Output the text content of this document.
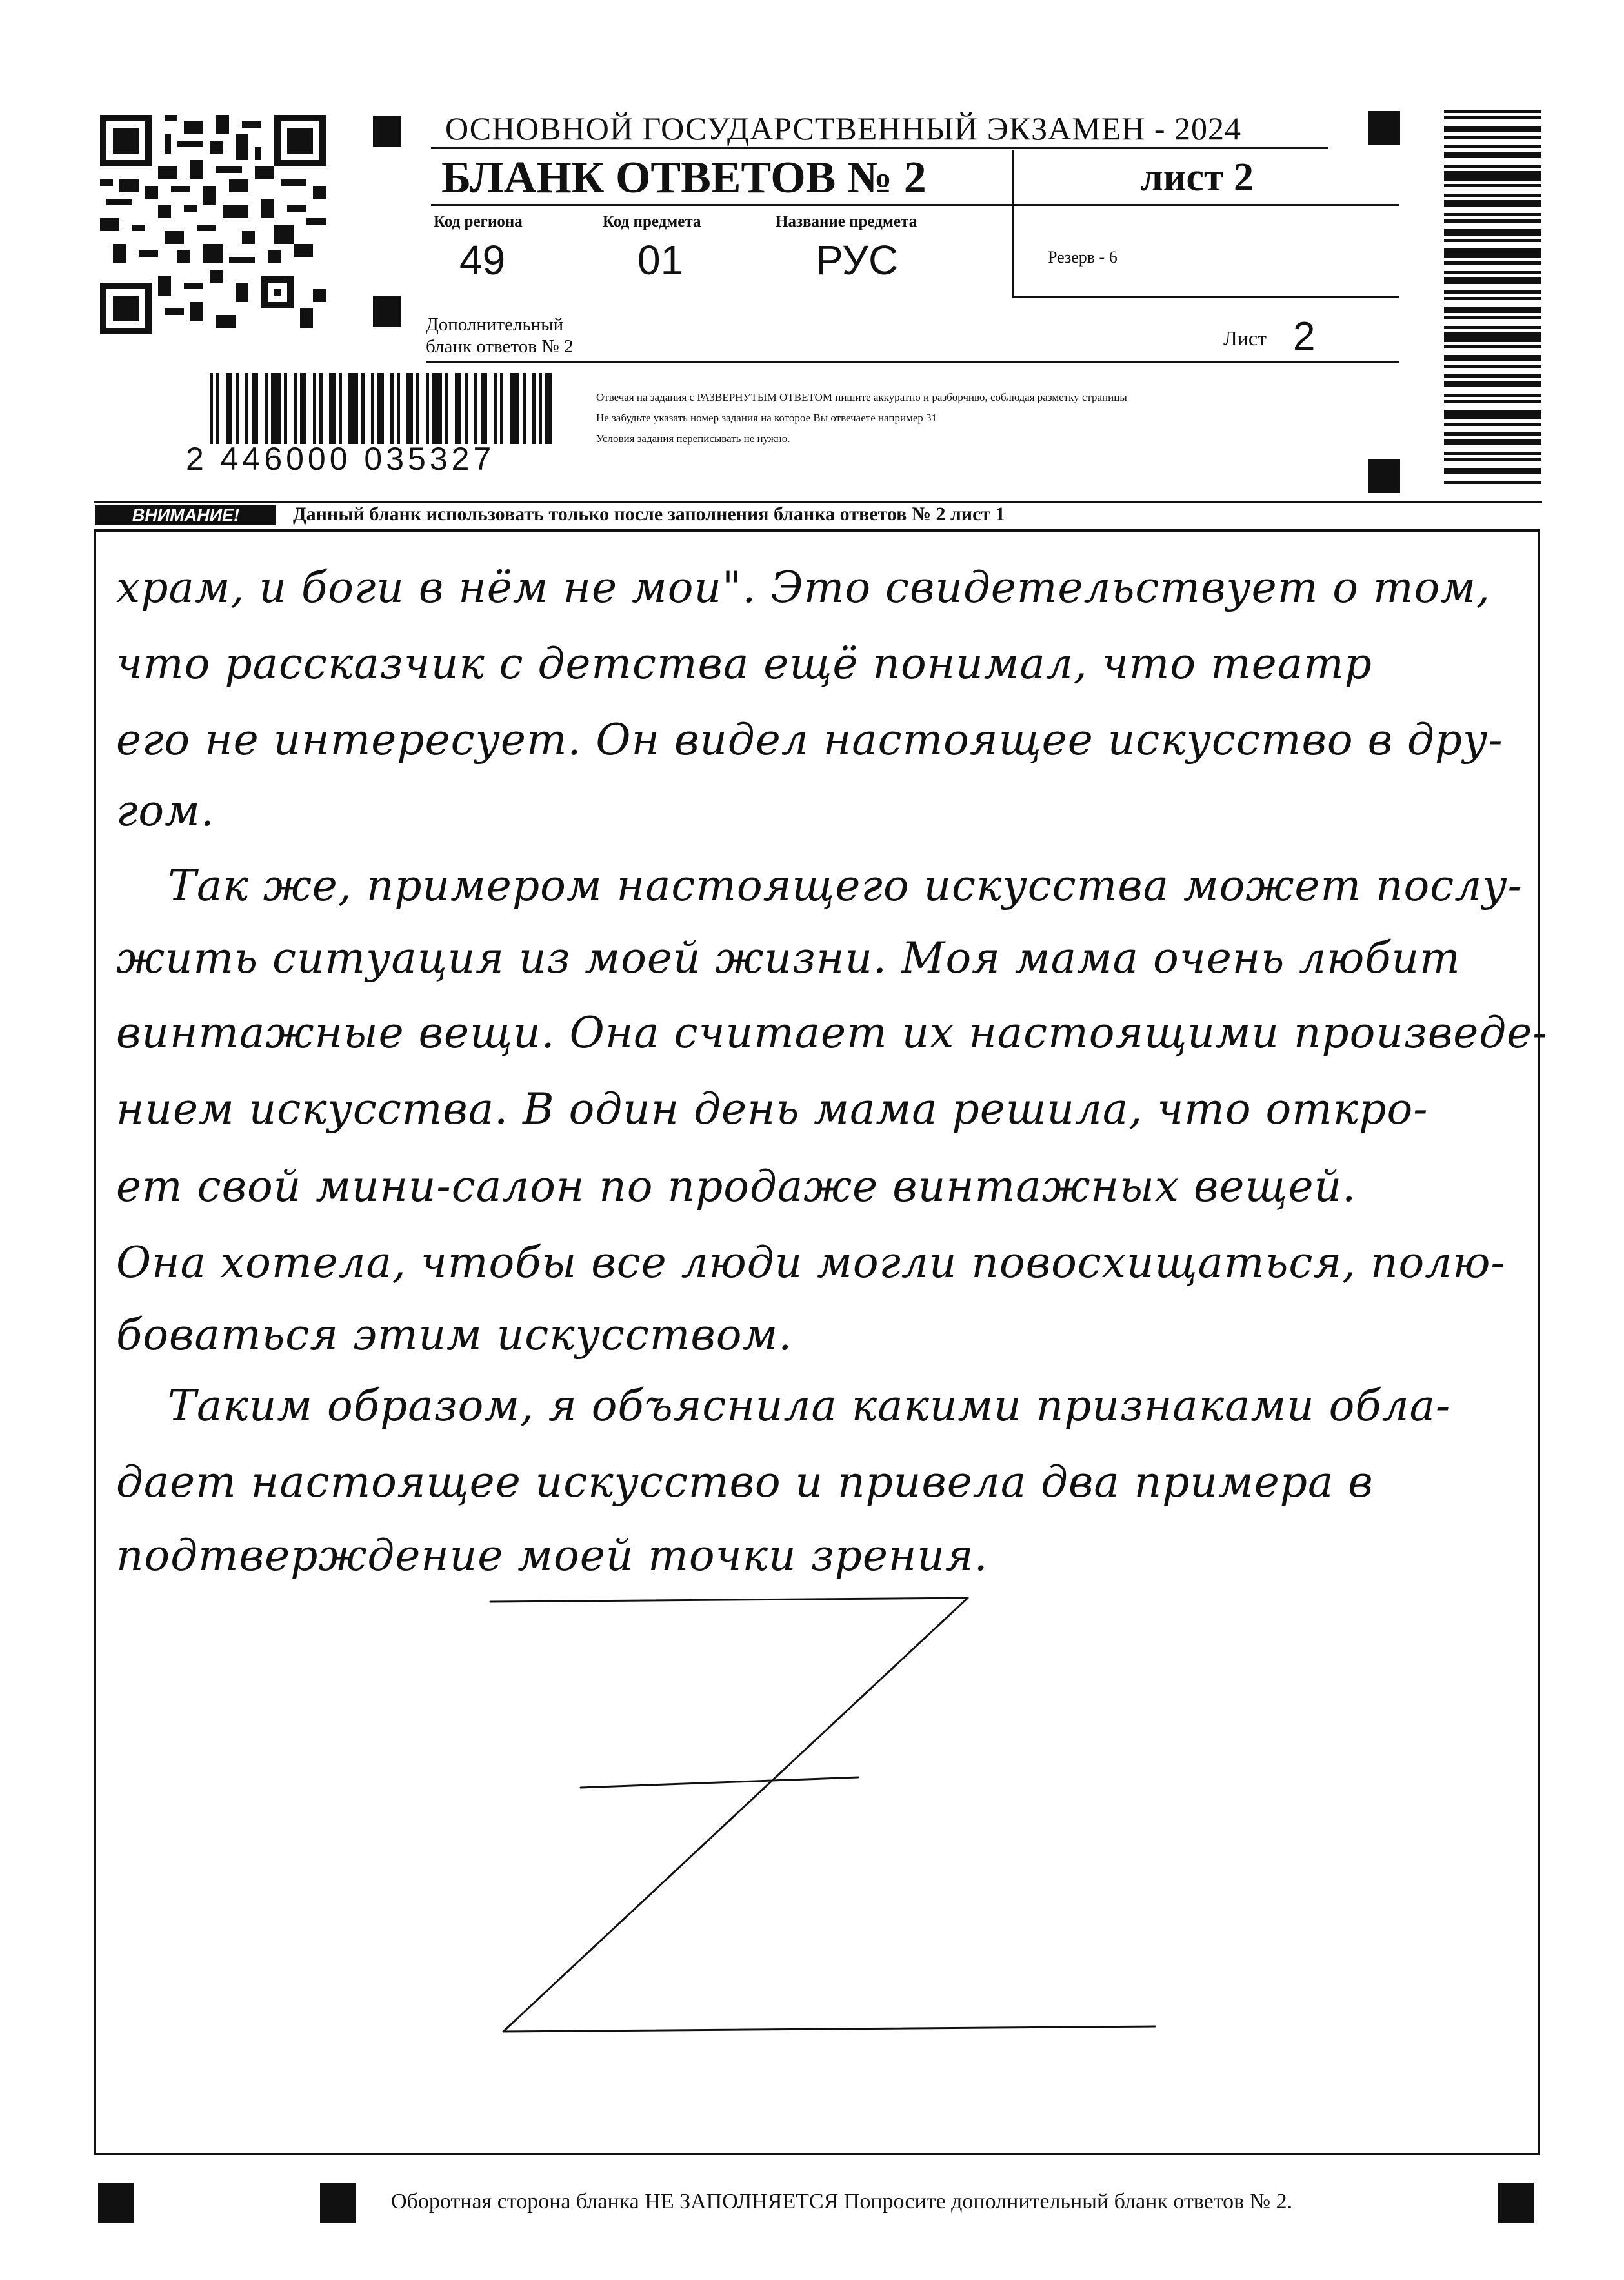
ОСНОВНОЙ ГОСУДАРСТВЕННЫЙ ЭКЗАМЕН - 2024
БЛАНК ОТВЕТОВ № 2	лист 2
Код региона
49
Код предмета
01
Название предмета
РУС	Резерв - 6
Дополнительный
бланк ответов № 2	Лист 2
2 446000 035327

Отвечая на задания с РАЗВЕРНУТЫМ ОТВЕТОМ пишите аккуратно и разборчиво, соблюдая разметку страницы

Не забудьте указать номер задания на которое Вы отвечаете например 31

Условия задания переписывать не нужно.

ВНИМАНИЕ!	Данный бланк использовать только после заполнения бланка ответов № 2 лист 1
храм, и боги в нём не мои". Это свидетельствует о том,
что рассказчик с детства ещё понимал, что театр
его не интересует. Он видел настоящее искусство в дру-
гом.
Так же, примером настоящего искусства может послу-
жить ситуация из моей жизни. Моя мама очень любит
винтажные вещи. Она считает их настоящими произведе-
нием искусства. В один день мама решила, что откро-
ет свой мини-салон по продаже винтажных вещей.
Она хотела, чтобы все люди могли повосхищаться, полю-
боваться этим искусством.
Таким образом, я объяснила какими признаками обла-
дает настоящее искусство и привела два примера в
подтверждение моей точки зрения.
Оборотная сторона бланка НЕ ЗАПОЛНЯЕТСЯ Попросите дополнительный бланк ответов № 2.
